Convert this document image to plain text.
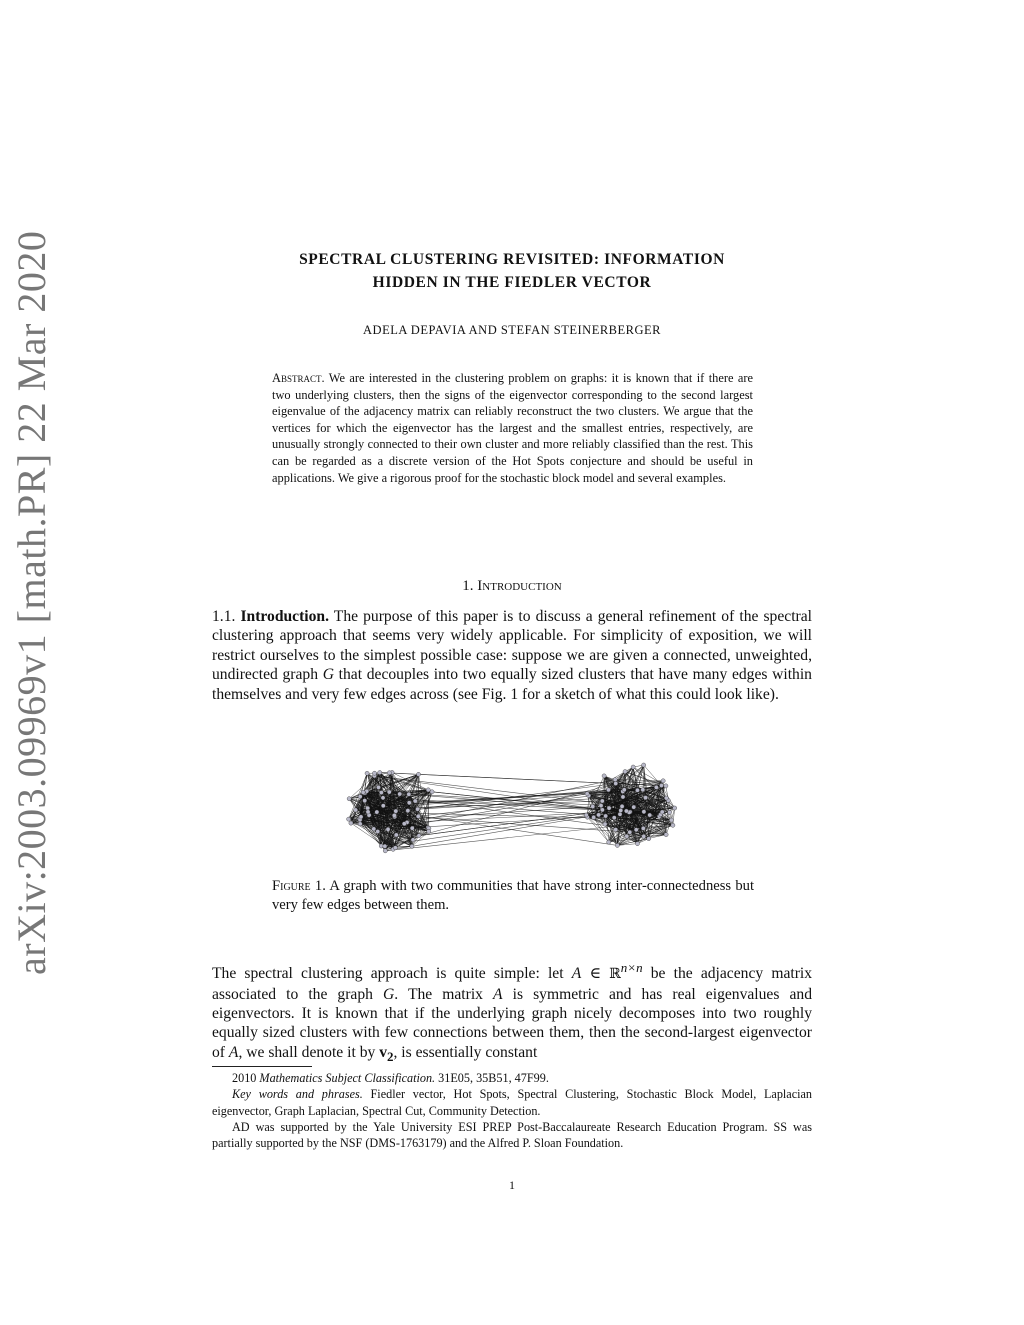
arXiv:2003.09969v1 [math.PR] 22 Mar 2020	SPECTRAL CLUSTERING REVISITED: INFORMATION
HIDDEN IN THE FIEDLER VECTOR
ADELA DEPAVIA AND STEFAN STEINERBERGER
Abstract. We are interested in the clustering problem on graphs: it is known that if there are two underlying clusters, then the signs of the eigenvector corresponding to the second largest eigenvalue of the adjacency matrix can reliably reconstruct the two clusters. We argue that the vertices for which the eigenvector has the largest and the smallest entries, respectively, are unusually strongly connected to their own cluster and more reliably classified than the rest. This can be regarded as a discrete version of the Hot Spots conjecture and should be useful in applications. We give a rigorous proof for the stochastic block model and several examples.
1. Introduction
1.1. Introduction. The purpose of this paper is to discuss a general refinement of the spectral clustering approach that seems very widely applicable. For simplicity of exposition, we will restrict ourselves to the simplest possible case: suppose we are given a connected, unweighted, undirected graph G that decouples into two equally sized clusters that have many edges within themselves and very few edges across (see Fig. 1 for a sketch of what this could look like).
Figure 1. A graph with two communities that have strong inter-connectedness but very few edges between them.
The spectral clustering approach is quite simple: let A ∈ ℝ$^{n\times n}$ be the adjacency matrix associated to the graph G. The matrix A is symmetric and has real eigenvalues and eigenvectors. It is known that if the underlying graph nicely decomposes into two roughly equally sized clusters with few connections between them, then the second-largest eigenvector of A, we shall denote it by $v_2$, is essentially constant

2010 Mathematics Subject Classification. 31E05, 35B51, 47F99.

Key words and phrases. Fiedler vector, Hot Spots, Spectral Clustering, Stochastic Block Model, Laplacian eigenvector, Graph Laplacian, Spectral Cut, Community Detection.

AD was supported by the Yale University ESI PREP Post-Baccalaureate Research Education Program. SS was partially supported by the NSF (DMS-1763179) and the Alfred P. Sloan Foundation.

1
